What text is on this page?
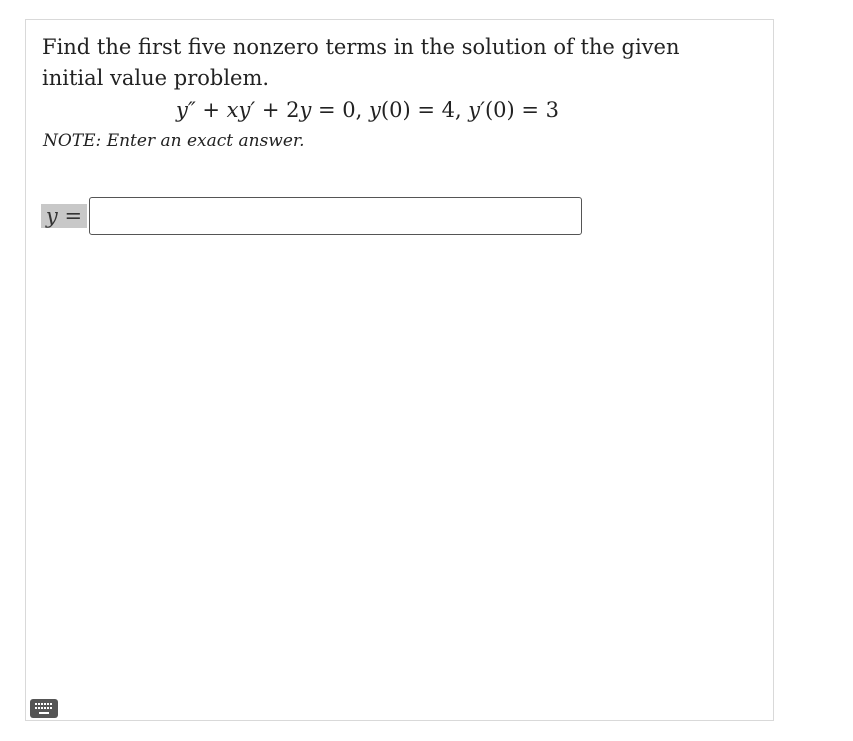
Find the first five nonzero terms in the solution of the given initial value problem.
y″ + xy′ + 2y = 0, y(0) = 4, y′(0) = 3
NOTE: Enter an exact answer.
y =
